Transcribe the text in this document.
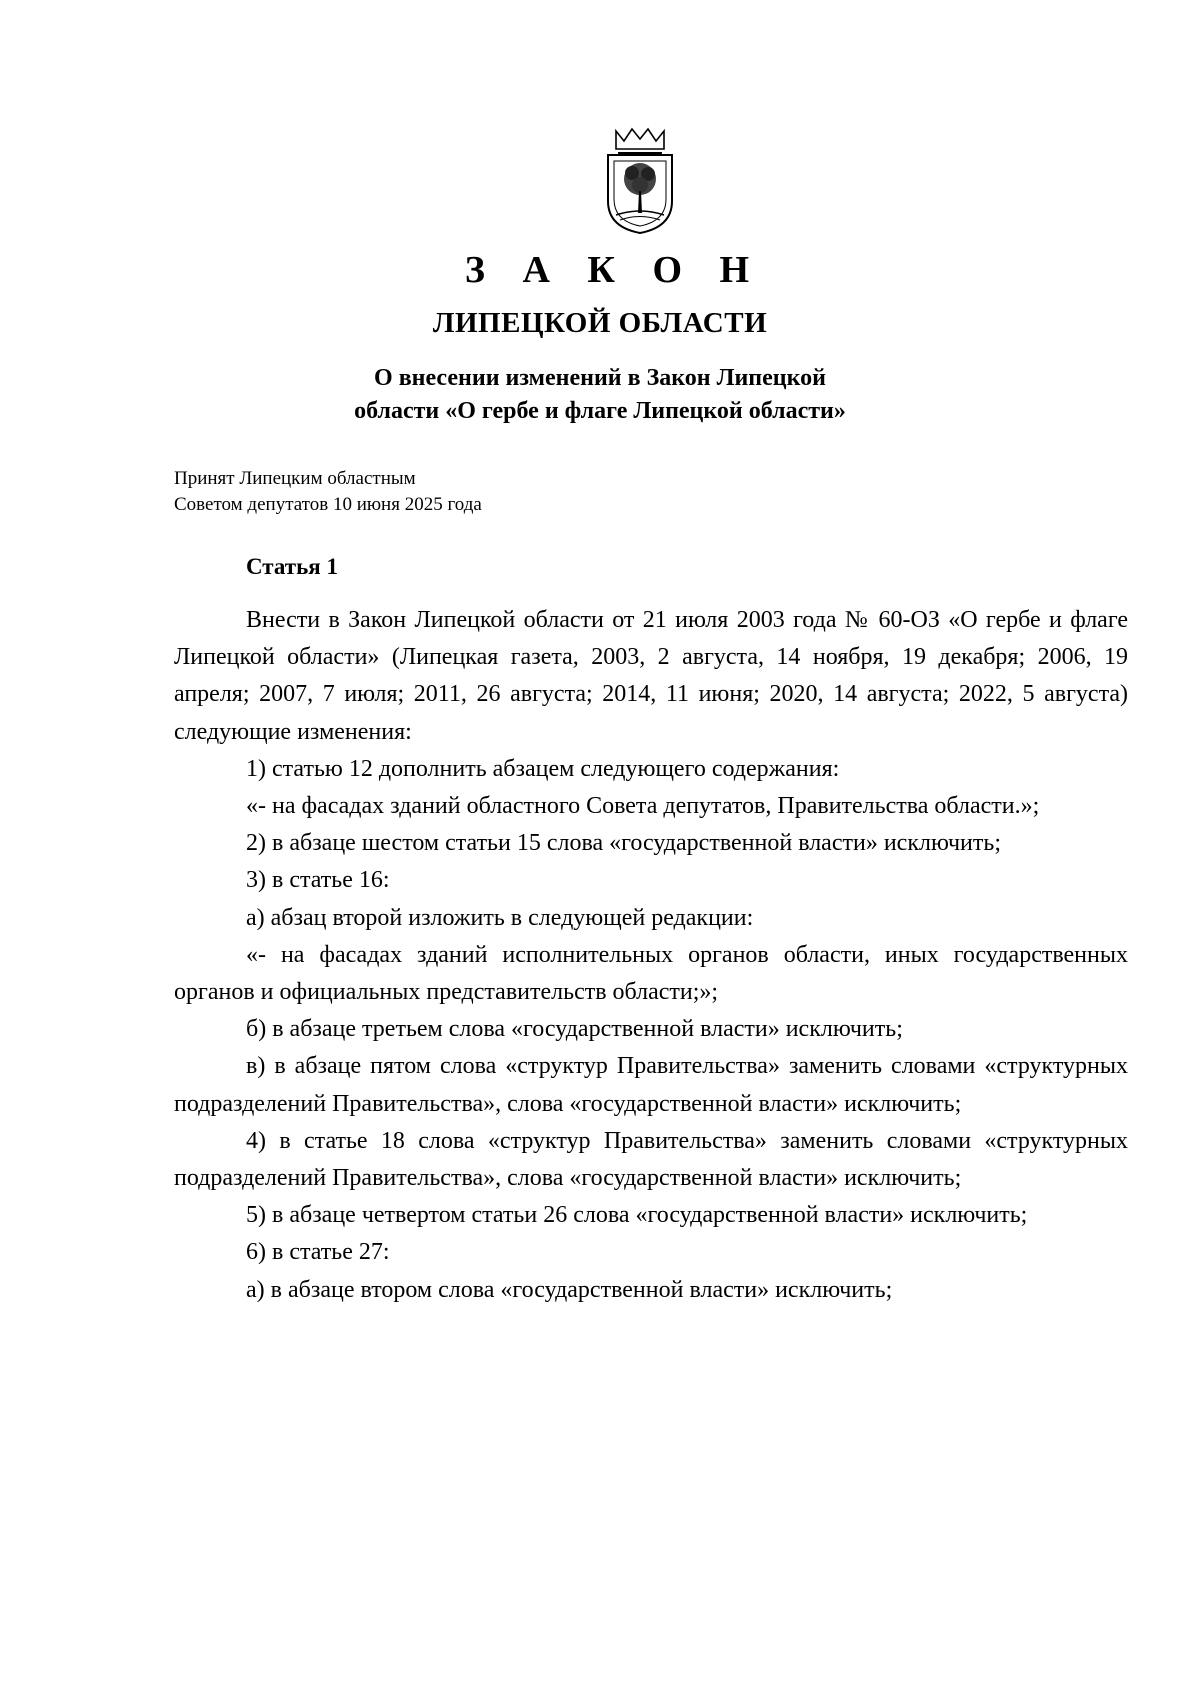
З А К О Н
ЛИПЕЦКОЙ ОБЛАСТИ
О внесении изменений в Закон Липецкой
области «О гербе и флаге Липецкой области»
Принят Липецким областным
Советом депутатов 10 июня 2025 года
Статья 1

Внести в Закон Липецкой области от 21 июля 2003 года № 60-ОЗ «О гербе и флаге Липецкой области» (Липецкая газета, 2003, 2 августа, 14 ноября, 19 декабря; 2006, 19 апреля; 2007, 7 июля; 2011, 26 августа; 2014, 11 июня; 2020, 14 августа; 2022, 5 августа) следующие изменения:

1) статью 12 дополнить абзацем следующего содержания:

«- на фасадах зданий областного Совета депутатов, Правительства области.»;

2) в абзаце шестом статьи 15 слова «государственной власти» исключить;

3) в статье 16:

а) абзац второй изложить в следующей редакции:

«- на фасадах зданий исполнительных органов области, иных государственных органов и официальных представительств области;»;

б) в абзаце третьем слова «государственной власти» исключить;

в) в абзаце пятом слова «структур Правительства» заменить словами «структурных подразделений Правительства», слова «государственной власти» исключить;

4) в статье 18 слова «структур Правительства» заменить словами «структурных подразделений Правительства», слова «государственной власти» исключить;

5) в абзаце четвертом статьи 26 слова «государственной власти» исключить;

6) в статье 27:

а) в абзаце втором слова «государственной власти» исключить;
